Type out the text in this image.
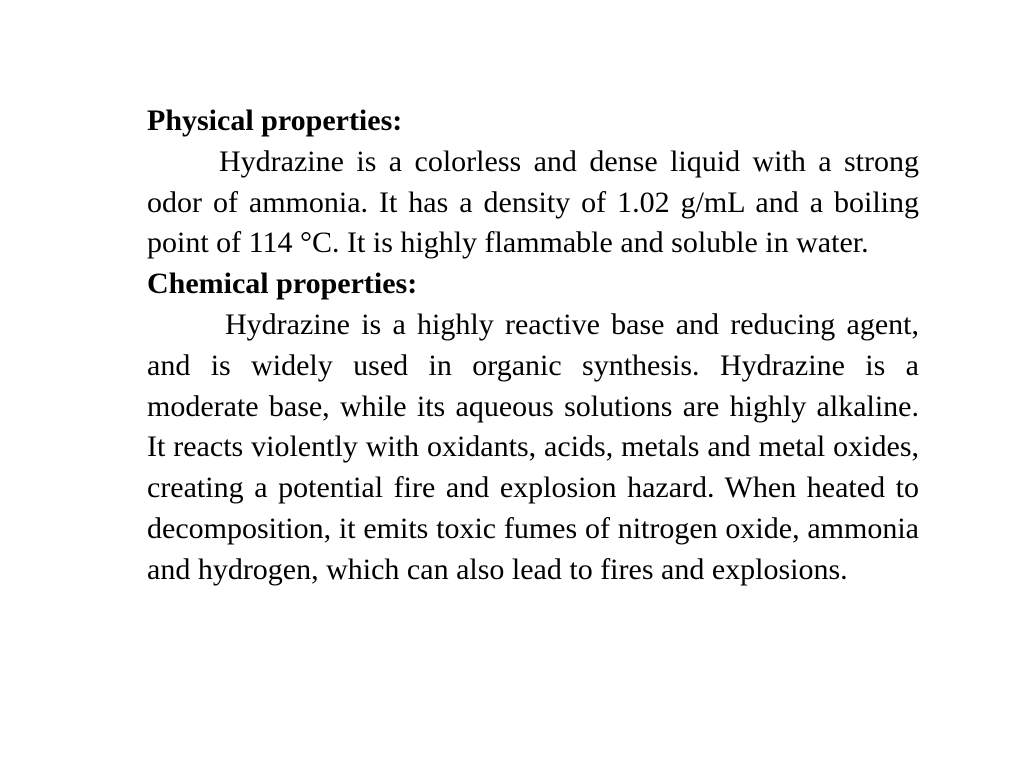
Physical properties:

Hydrazine is a colorless and dense liquid with a strong odor of ammonia. It has a density of 1.02 g/mL and a boiling point of 114 °C. It is highly flammable and soluble in water.

Chemical properties:

Hydrazine is a highly reactive base and reducing agent, and is widely used in organic synthesis. Hydrazine is a moderate base, while its aqueous solutions are highly alkaline. It reacts violently with oxidants, acids, metals and metal oxides, creating a potential fire and explosion hazard. When heated to decomposition, it emits toxic fumes of nitrogen oxide, ammonia and hydrogen, which can also lead to fires and explosions.
